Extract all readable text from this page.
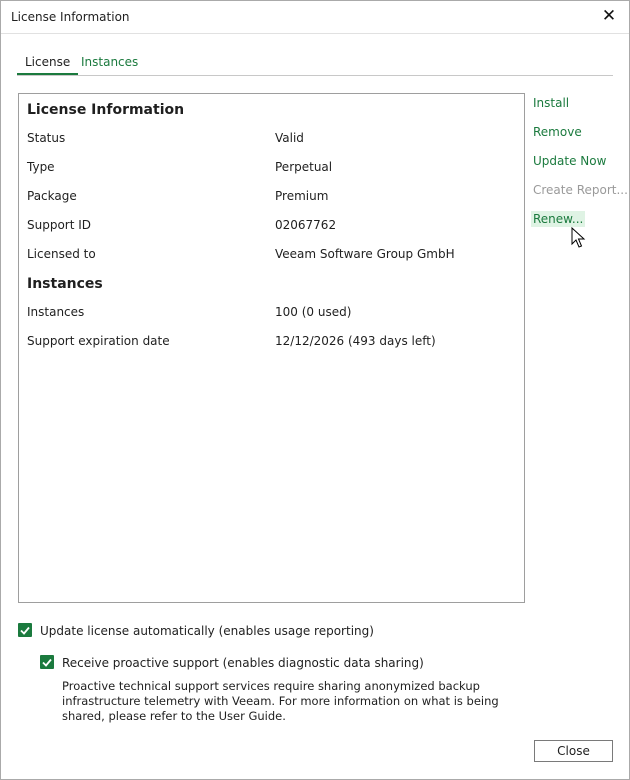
License Information	✕
License Instances
License Information
Status	Valid
Type	Perpetual
Package	Premium
Support ID	02067762
Licensed to	Veeam Software Group GmbH
Instances
Instances	100 (0 used)
Support expiration date	12/12/2026 (493 days left)
Install
Remove
Update Now
Create Report...
Renew...
Update license automatically (enables usage reporting)
Receive proactive support (enables diagnostic data sharing)
Proactive technical support services require sharing anonymized backup infrastructure telemetry with Veeam. For more information on what is being shared, please refer to the User Guide.
Close
